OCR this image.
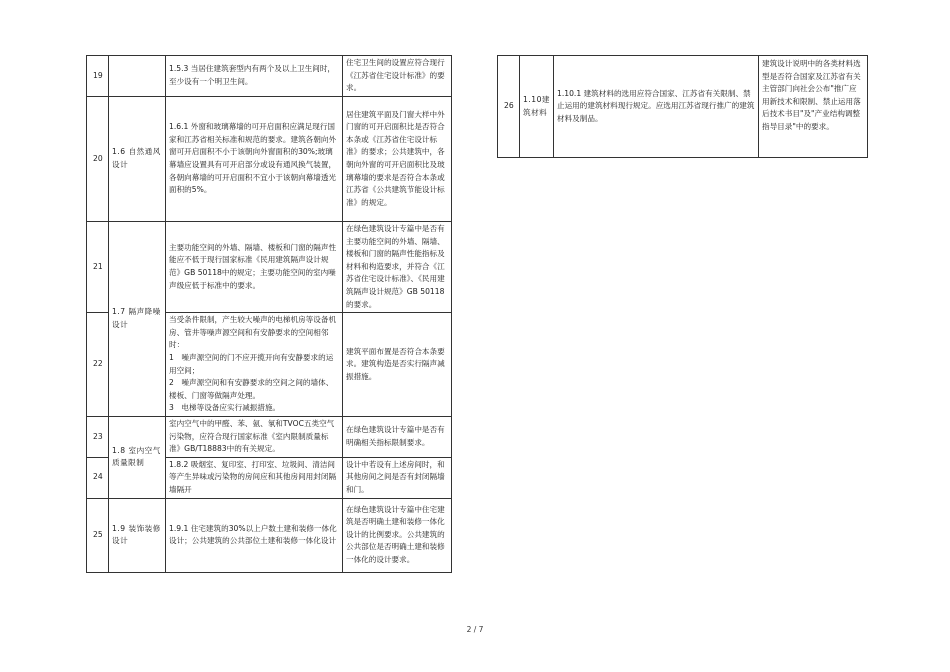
19		1.5.3 当居住建筑套型内有两个及以上卫生间时，至少设有一个明卫生间。	住宅卫生间的设置应符合现行《江苏省住宅设计标准》的要求。
20	1.6 自然通风设计	1.6.1 外窗和玻璃幕墙的可开启面积应满足现行国家和江苏省相关标准和规范的要求。建筑各朝向外窗可开启面积不小于该朝向外窗面积的30%;玻璃幕墙应设置具有可开启部分或设有通风换气装置，各朝向幕墙的可开启面积不宜小于该朝向幕墙透光面积的5%。	居住建筑平面及门窗大样中外门窗的可开启面积比是否符合本条或《江苏省住宅设计标准》的要求；公共建筑中，各朝向外窗的可开启面积比及玻璃幕墙的要求是否符合本条或江苏省《公共建筑节能设计标准》的规定。
21	1.7 隔声降噪设计	主要功能空间的外墙、隔墙、楼板和门窗的隔声性能应不低于现行国家标准《民用建筑隔声设计规范》GB 50118中的规定；主要功能空间的室内噪声级应低于标准中的要求。	在绿色建筑设计专篇中是否有主要功能空间的外墙、隔墙、楼板和门窗的隔声性能指标及材料和构造要求，并符合《江苏省住宅设计标准》、《民用建筑隔声设计规范》GB 50118的要求。
22		当受条件限制，产生较大噪声的电梯机房等设备机房、管井等噪声源空间和有安静要求的空间相邻时：
1　噪声源空间的门不应开揽开向有安静要求的运用空间；
2　噪声源空间和有安静要求的空间之间的墙体、楼板、门窗等做隔声处理。
3　电梯等设备应实行减振措施。	建筑平面布置是否符合本条要求。建筑构造是否实行隔声减振措施。
23	1.8 室内空气质量限制	室内空气中的甲醛、苯、氨、氡和TVOC五类空气污染物，应符合现行国家标准《室内限制质量标准》GB/T18883中的有关规定。	在绿色建筑设计专篇中是否有明确相关指标限制要求。
24		1.8.2 吸烟室、复印室、打印室、垃圾间、清洁间等产生异味或污染物的房间应和其他房间用封闭隔墙隔开	设计中若设有上述房间时，和其他房间之间是否有封闭隔墙和门。
25	1.9 装饰装修设计	1.9.1 住宅建筑的30%以上户数土建和装修一体化设计；公共建筑的公共部位土建和装修一体化设计	在绿色建筑设计专篇中住宅建筑是否明确土建和装修一体化设计的比例要求。公共建筑的公共部位是否明确土建和装修一体化的设计要求。
26	1.10建筑材料	1.10.1 建筑材料的选用应符合国家、江苏省有关限制、禁止运用的建筑材料现行规定。应选用江苏省现行推广的建筑材料及制品。	建筑设计说明中的各类材料选型是否符合国家及江苏省有关主管部门向社会公布"推广应用新技术和限制、禁止运用落后技术书目"及"产业结构调整指导目录"中的要求。
2 / 7
